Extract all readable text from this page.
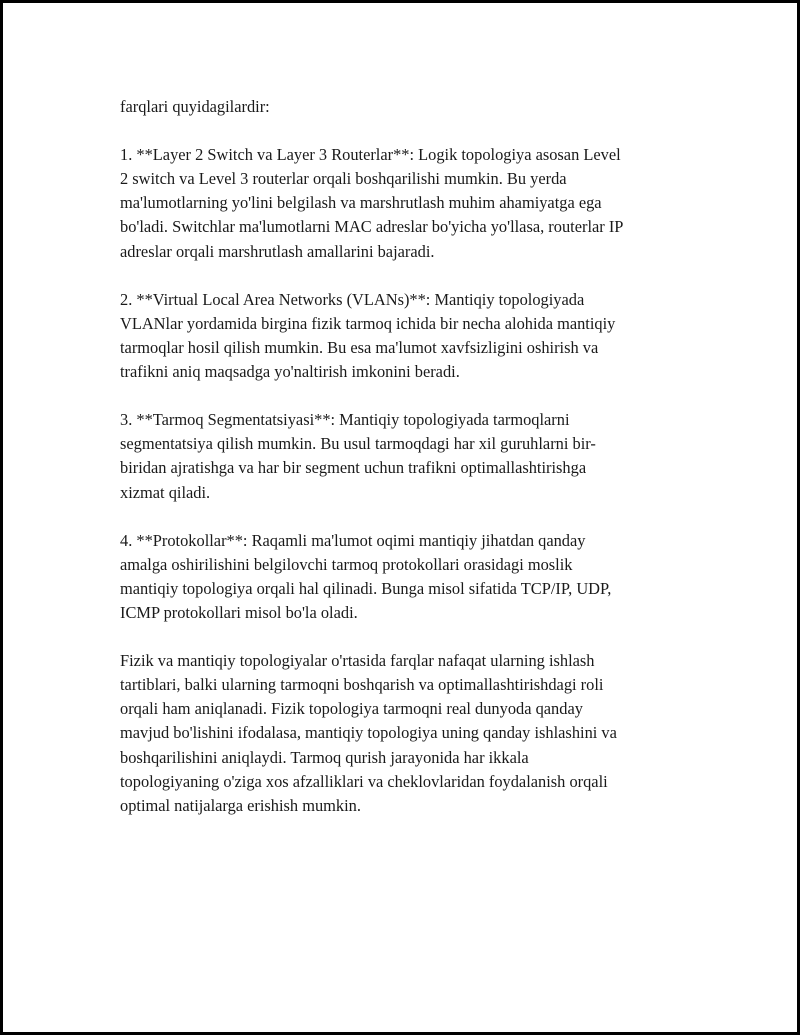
farqlari quyidagilardir:

1. **Layer 2 Switch va Layer 3 Routerlar**: Logik topologiya asosan Level
2 switch va Level 3 routerlar orqali boshqarilishi mumkin. Bu yerda
ma'lumotlarning yo'lini belgilash va marshrutlash muhim ahamiyatga ega
bo'ladi. Switchlar ma'lumotlarni MAC adreslar bo'yicha yo'llasa, routerlar IP
adreslar orqali marshrutlash amallarini bajaradi.

2. **Virtual Local Area Networks (VLANs)**: Mantiqiy topologiyada
VLANlar yordamida birgina fizik tarmoq ichida bir necha alohida mantiqiy
tarmoqlar hosil qilish mumkin. Bu esa ma'lumot xavfsizligini oshirish va
trafikni aniq maqsadga yo'naltirish imkonini beradi.

3. **Tarmoq Segmentatsiyasi**: Mantiqiy topologiyada tarmoqlarni
segmentatsiya qilish mumkin. Bu usul tarmoqdagi har xil guruhlarni bir-
biridan ajratishga va har bir segment uchun trafikni optimallashtirishga
xizmat qiladi.

4. **Protokollar**: Raqamli ma'lumot oqimi mantiqiy jihatdan qanday
amalga oshirilishini belgilovchi tarmoq protokollari orasidagi moslik
mantiqiy topologiya orqali hal qilinadi. Bunga misol sifatida TCP/IP, UDP,
ICMP protokollari misol bo'la oladi.

Fizik va mantiqiy topologiyalar o'rtasida farqlar nafaqat ularning ishlash
tartiblari, balki ularning tarmoqni boshqarish va optimallashtirishdagi roli
orqali ham aniqlanadi. Fizik topologiya tarmoqni real dunyoda qanday
mavjud bo'lishini ifodalasa, mantiqiy topologiya uning qanday ishlashini va
boshqarilishini aniqlaydi. Tarmoq qurish jarayonida har ikkala
topologiyaning o'ziga xos afzalliklari va cheklovlaridan foydalanish orqali
optimal natijalarga erishish mumkin.
